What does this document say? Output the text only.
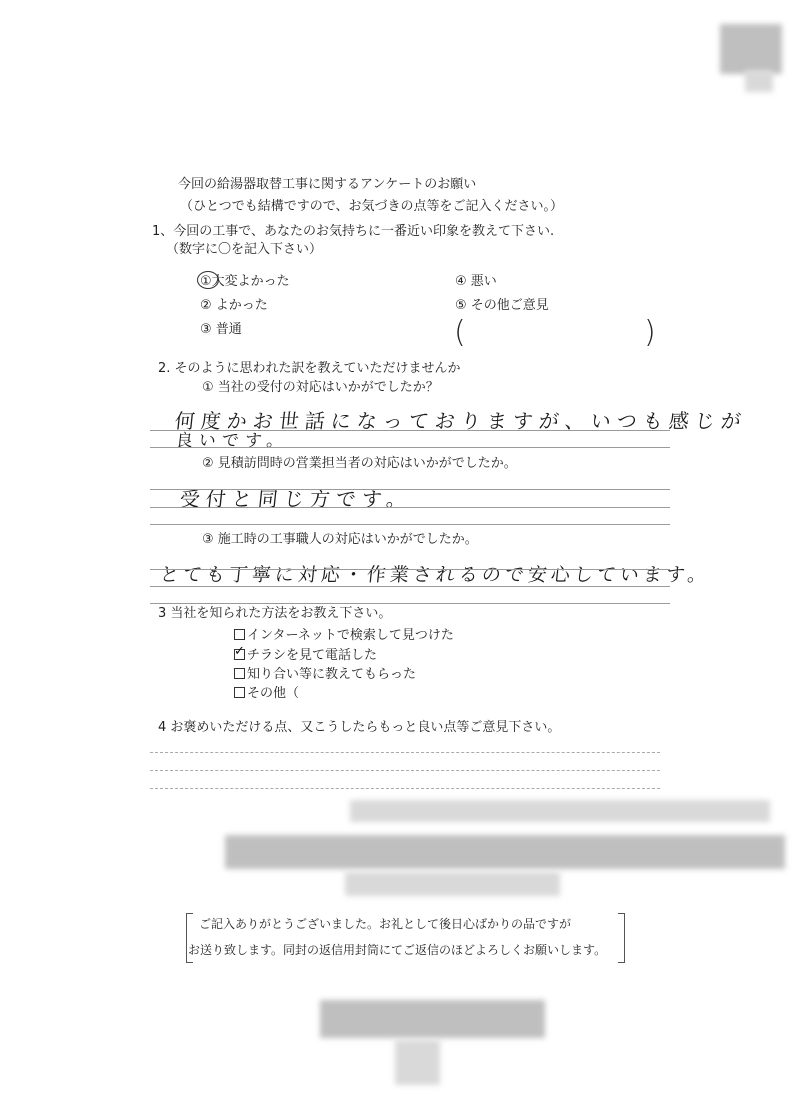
今回の給湯器取替工事に関するアンケートのお願い
（ひとつでも結構ですので、お気づきの点等をご記入ください。）
1、今回の工事で、あなたのお気持ちに一番近い印象を教えて下さい.
（数字に〇を記入下さい）
①大変よかった
② よかった
③ 普通
④ 悪い
⑤ その他ご意見
(	)
2. そのように思われた訳を教えていただけませんか
① 当社の受付の対応はいかがでしたか？
何度かお世話になっておりますが、いつも感じが
良いです。
② 見積訪問時の営業担当者の対応はいかがでしたか。
受付と同じ方です。
③ 施工時の工事職人の対応はいかがでしたか。
とても丁寧に対応・作業されるので安心しています。
3 当社を知られた方法をお教え下さい。
インターネットで検索して見つけた
✓チラシを見て電話した
知り合い等に教えてもらった
その他（
4 お褒めいただける点、又こうしたらもっと良い点等ご意見下さい。
ご記入ありがとうございました。お礼として後日心ばかりの品ですが
お送り致します。同封の返信用封筒にてご返信のほどよろしくお願いします。
